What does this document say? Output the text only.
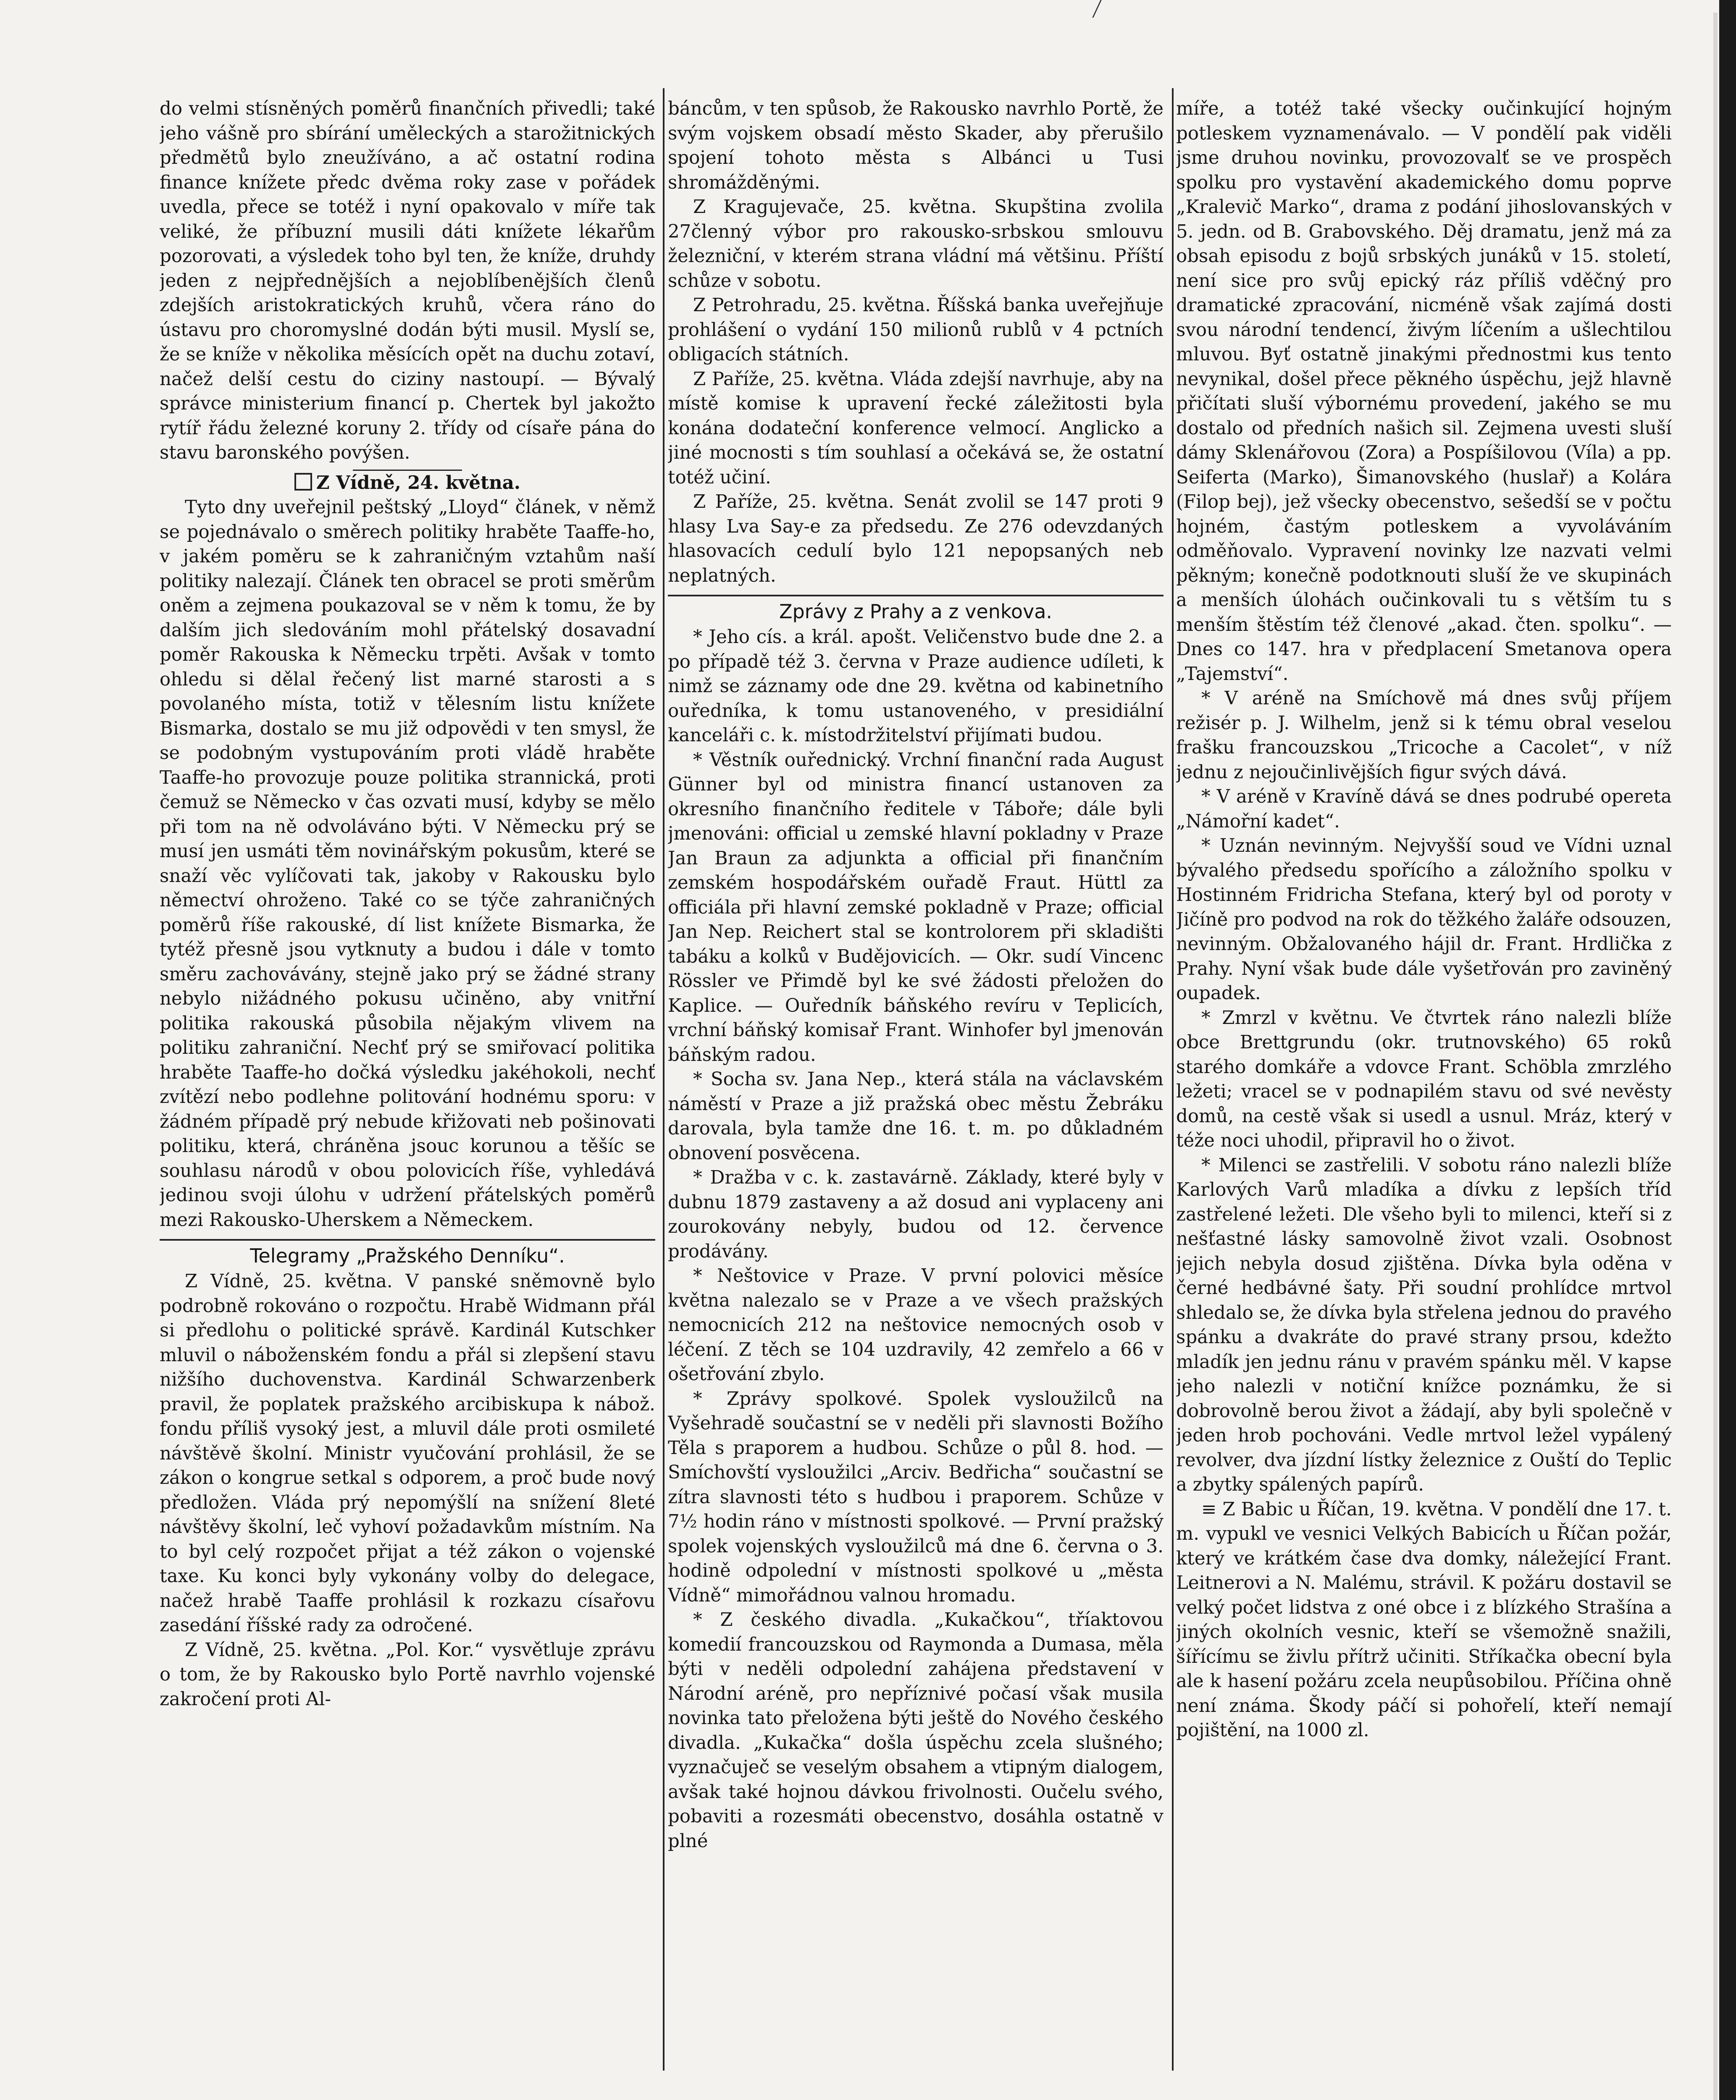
do velmi stísněných poměrů finančních přivedli; také jeho vášně pro sbírání uměleckých a starožitnických předmětů bylo zneužíváno, a ač ostatní rodina finance knížete předc dvěma roky zase v pořádek uvedla, přece se totéž i nyní opakovalo v míře tak veliké, že příbuzní musili dáti knížete lékařům pozorovati, a výsledek toho byl ten, že kníže, druhdy jeden z nejpřednějších a nejoblíbenějších členů zdejších aristokratických kruhů, včera ráno do ústavu pro choromyslné dodán býti musil. Myslí se, že se kníže v několika měsících opět na duchu zotaví, načež delší cestu do ciziny nastoupí. — Bývalý správce ministerium financí p. Chertek byl jakožto rytíř řádu železné koruny 2. třídy od císaře pána do stavu baronského povýšen.

Z Vídně, 24. května.

Tyto dny uveřejnil peštský „Lloyd“ článek, v němž se pojednávalo o směrech politiky hraběte Taaffe-ho, v jakém poměru se k zahraničným vztahům naší politiky nalezají. Článek ten obracel se proti směrům oněm a zejmena poukazoval se v něm k tomu, že by dalším jich sledováním mohl přátelský dosavadní poměr Rakouska k Německu trpěti. Avšak v tomto ohledu si dělal řečený list marné starosti a s povolaného místa, totiž v tělesním listu knížete Bismarka, dostalo se mu již odpovědi v ten smysl, že se podobným vystupováním proti vládě hraběte Taaffe-ho provozuje pouze politika strannická, proti čemuž se Německo v čas ozvati musí, kdyby se mělo při tom na ně odvoláváno býti. V Německu prý se musí jen usmáti těm novinářským pokusům, které se snaží věc vylíčovati tak, jakoby v Rakousku bylo němectví ohroženo. Také co se týče zahraničných poměrů říše rakouské, dí list knížete Bismarka, že tytéž přesně jsou vytknuty a budou i dále v tomto směru zachovávány, stejně jako prý se žádné strany nebylo nižádného pokusu učiněno, aby vnitřní politika rakouská působila nějakým vlivem na politiku zahraniční. Nechť prý se smiřovací politika hraběte Taaffe-ho dočká výsledku jakéhokoli, nechť zvítězí nebo podlehne politování hodnému sporu: v žádném případě prý nebude křižovati neb pošinovati politiku, která, chráněna jsouc korunou a těšíc se souhlasu národů v obou polovicích říše, vyhledává jedinou svoji úlohu v udržení přátelských poměrů mezi Rakousko-Uherskem a Německem.

Telegramy „Pražského Denníku“.

Z Vídně, 25. května. V panské sněmovně bylo podrobně rokováno o rozpočtu. Hrabě Widmann přál si předlohu o politické správě. Kardinál Kutschker mluvil o náboženském fondu a přál si zlepšení stavu nižšího duchovenstva. Kardinál Schwarzenberk pravil, že poplatek pražského arcibiskupa k nábož. fondu příliš vysoký jest, a mluvil dále proti osmileté návštěvě školní. Ministr vyučování prohlásil, že se zákon o kongrue setkal s odporem, a proč bude nový předložen. Vláda prý nepomýšlí na snížení 8leté návštěvy školní, leč vyhoví požadavkům místním. Na to byl celý rozpočet přijat a též zákon o vojenské taxe. Ku konci byly vykonány volby do delegace, načež hrabě Taaffe prohlásil k rozkazu císařovu zasedání říšské rady za odročené.

Z Vídně, 25. května. „Pol. Kor.“ vysvětluje zprávu o tom, že by Rakousko bylo Portě navrhlo vojenské zakročení proti Al-

báncům, v ten spůsob, že Rakousko navrhlo Portě, že svým vojskem obsadí město Skader, aby přerušilo spojení tohoto města s Albánci u Tusi shromážděnými.

Z Kragujevače, 25. května. Skupština zvolila 27členný výbor pro rakousko-srbskou smlouvu železniční, v kterém strana vládní má většinu. Příští schůze v sobotu.

Z Petrohradu, 25. května. Říšská banka uveřejňuje prohlášení o vydání 150 milionů rublů v 4 pctních obligacích státních.

Z Paříže, 25. května. Vláda zdejší navrhuje, aby na místě komise k upravení řecké záležitosti byla konána dodateční konference velmocí. Anglicko a jiné mocnosti s tím souhlasí a očekává se, že ostatní totéž učiní.

Z Paříže, 25. května. Senát zvolil se 147 proti 9 hlasy Lva Say-e za předsedu. Ze 276 odevzdaných hlasovacích cedulí bylo 121 nepopsaných neb neplatných.

Zprávy z Prahy a z venkova.

* Jeho cís. a král. apošt. Veličenstvo bude dne 2. a po případě též 3. června v Praze audience udíleti, k nimž se záznamy ode dne 29. května od kabinetního ouředníka, k tomu ustanoveného, v presidiální kanceláři c. k. místodržitelství přijímati budou.

* Věstník ouřednický. Vrchní finanční rada August Günner byl od ministra financí ustanoven za okresního finančního ředitele v Táboře; dále byli jmenováni: official u zemské hlavní pokladny v Praze Jan Braun za adjunkta a official při finančním zemském hospodářském ouřadě Fraut. Hüttl za officiála při hlavní zemské pokladně v Praze; official Jan Nep. Reichert stal se kontrolorem při skladišti tabáku a kolků v Budějovicích. — Okr. sudí Vincenc Rössler ve Přimdě byl ke své žádosti přeložen do Kaplice. — Ouředník báňského revíru v Teplicích, vrchní báňský komisař Frant. Winhofer byl jmenován báňským radou.

* Socha sv. Jana Nep., která stála na václavském náměstí v Praze a již pražská obec městu Žebráku darovala, byla tamže dne 16. t. m. po důkladném obnovení posvěcena.

* Dražba v c. k. zastavárně. Základy, které byly v dubnu 1879 zastaveny a až dosud ani vyplaceny ani zourokovány nebyly, budou od 12. července prodávány.

* Neštovice v Praze. V první polovici měsíce května nalezalo se v Praze a ve všech pražských nemocnicích 212 na neštovice nemocných osob v léčení. Z těch se 104 uzdravily, 42 zemřelo a 66 v ošetřování zbylo.

* Zprávy spolkové. Spolek vysloužilců na Vyšehradě součastní se v neděli při slavnosti Božího Těla s praporem a hudbou. Schůze o půl 8. hod. — Smíchovští vysloužilci „Arciv. Bedřicha“ součastní se zítra slavnosti této s hudbou i praporem. Schůze v 7½ hodin ráno v místnosti spolkové. — První pražský spolek vojenských vysloužilců má dne 6. června o 3. hodině odpolední v místnosti spolkové u „města Vídně“ mimořádnou valnou hromadu.

* Z českého divadla. „Kukačkou“, tříaktovou komedií francouzskou od Raymonda a Dumasa, měla býti v neděli odpolední zahájena představení v Národní aréně, pro nepříznivé počasí však musila novinka tato přeložena býti ještě do Nového českého divadla. „Kukačka“ došla úspěchu zcela slušného; vyznačuječ se veselým obsahem a vtipným dialogem, avšak také hojnou dávkou frivolnosti. Oučelu svého, pobaviti a rozesmáti obecenstvo, dosáhla ostatně v plné

míře, a totéž také všecky oučinkující hojným potleskem vyznamenávalo. — V pondělí pak viděli jsme druhou novinku, provozovalť se ve prospěch spolku pro vystavění akademického domu poprve „Kralevič Marko“, drama z podání jihoslovanských v 5. jedn. od B. Grabovského. Děj dramatu, jenž má za obsah episodu z bojů srbských junáků v 15. století, není sice pro svůj epický ráz příliš vděčný pro dramatické zpracování, nicméně však zajímá dosti svou národní tendencí, živým líčením a ušlechtilou mluvou. Byť ostatně jinakými přednostmi kus tento nevynikal, došel přece pěkného úspěchu, jejž hlavně přičítati sluší výbornému provedení, jakého se mu dostalo od předních našich sil. Zejmena uvesti sluší dámy Sklenářovou (Zora) a Pospíšilovou (Víla) a pp. Seiferta (Marko), Šimanovského (huslař) a Kolára (Filop bej), jež všecky obecenstvo, sešedší se v počtu hojném, častým potleskem a vyvoláváním odměňovalo. Vypravení novinky lze nazvati velmi pěkným; konečně podotknouti sluší že ve skupinách a menších úlohách oučinkovali tu s větším tu s menším štěstím též členové „akad. čten. spolku“. — Dnes co 147. hra v předplacení Smetanova opera „Tajemství“.

* V aréně na Smíchově má dnes svůj příjem režisér p. J. Wilhelm, jenž si k tému obral veselou frašku francouzskou „Tricoche a Cacolet“, v níž jednu z nejoučinlivějších figur svých dává.

* V aréně v Kravíně dává se dnes podrubé opereta „Námořní kadet“.

* Uznán nevinným. Nejvyšší soud ve Vídni uznal bývalého předsedu spořícího a záložního spolku v Hostinném Fridricha Stefana, který byl od poroty v Jičíně pro podvod na rok do těžkého žaláře odsouzen, nevinným. Obžalovaného hájil dr. Frant. Hrdlička z Prahy. Nyní však bude dále vyšetřován pro zaviněný oupadek.

* Zmrzl v květnu. Ve čtvrtek ráno nalezli blíže obce Brettgrundu (okr. trutnovského) 65 roků starého domkáře a vdovce Frant. Schöbla zmrzlého ležeti; vracel se v podnapilém stavu od své nevěsty domů, na cestě však si usedl a usnul. Mráz, který v téže noci uhodil, připravil ho o život.

* Milenci se zastřelili. V sobotu ráno nalezli blíže Karlových Varů mladíka a dívku z lepších tříd zastřelené ležeti. Dle všeho byli to milenci, kteří si z nešťastné lásky samovolně život vzali. Osobnost jejich nebyla dosud zjištěna. Dívka byla oděna v černé hedbávné šaty. Při soudní prohlídce mrtvol shledalo se, že dívka byla střelena jednou do pravého spánku a dvakráte do pravé strany prsou, kdežto mladík jen jednu ránu v pravém spánku měl. V kapse jeho nalezli v notiční knížce poznámku, že si dobrovolně berou život a žádají, aby byli společně v jeden hrob pochováni. Vedle mrtvol ležel vypálený revolver, dva jízdní lístky železnice z Ouští do Teplic a zbytky spálených papírů.

≡ Z Babic u Říčan, 19. května. V pondělí dne 17. t. m. vypukl ve vesnici Velkých Babicích u Říčan požár, který ve krátkém čase dva domky, náležející Frant. Leitnerovi a N. Malému, strávil. K požáru dostavil se velký počet lidstva z oné obce i z blízkého Strašína a jiných okolních vesnic, kteří se všemožně snažili, šířícímu se živlu přítrž učiniti. Stříkačka obecní byla ale k hasení požáru zcela neupůsobilou. Příčina ohně není známa. Škody páčí si pohořelí, kteří nemají pojištění, na 1000 zl.
